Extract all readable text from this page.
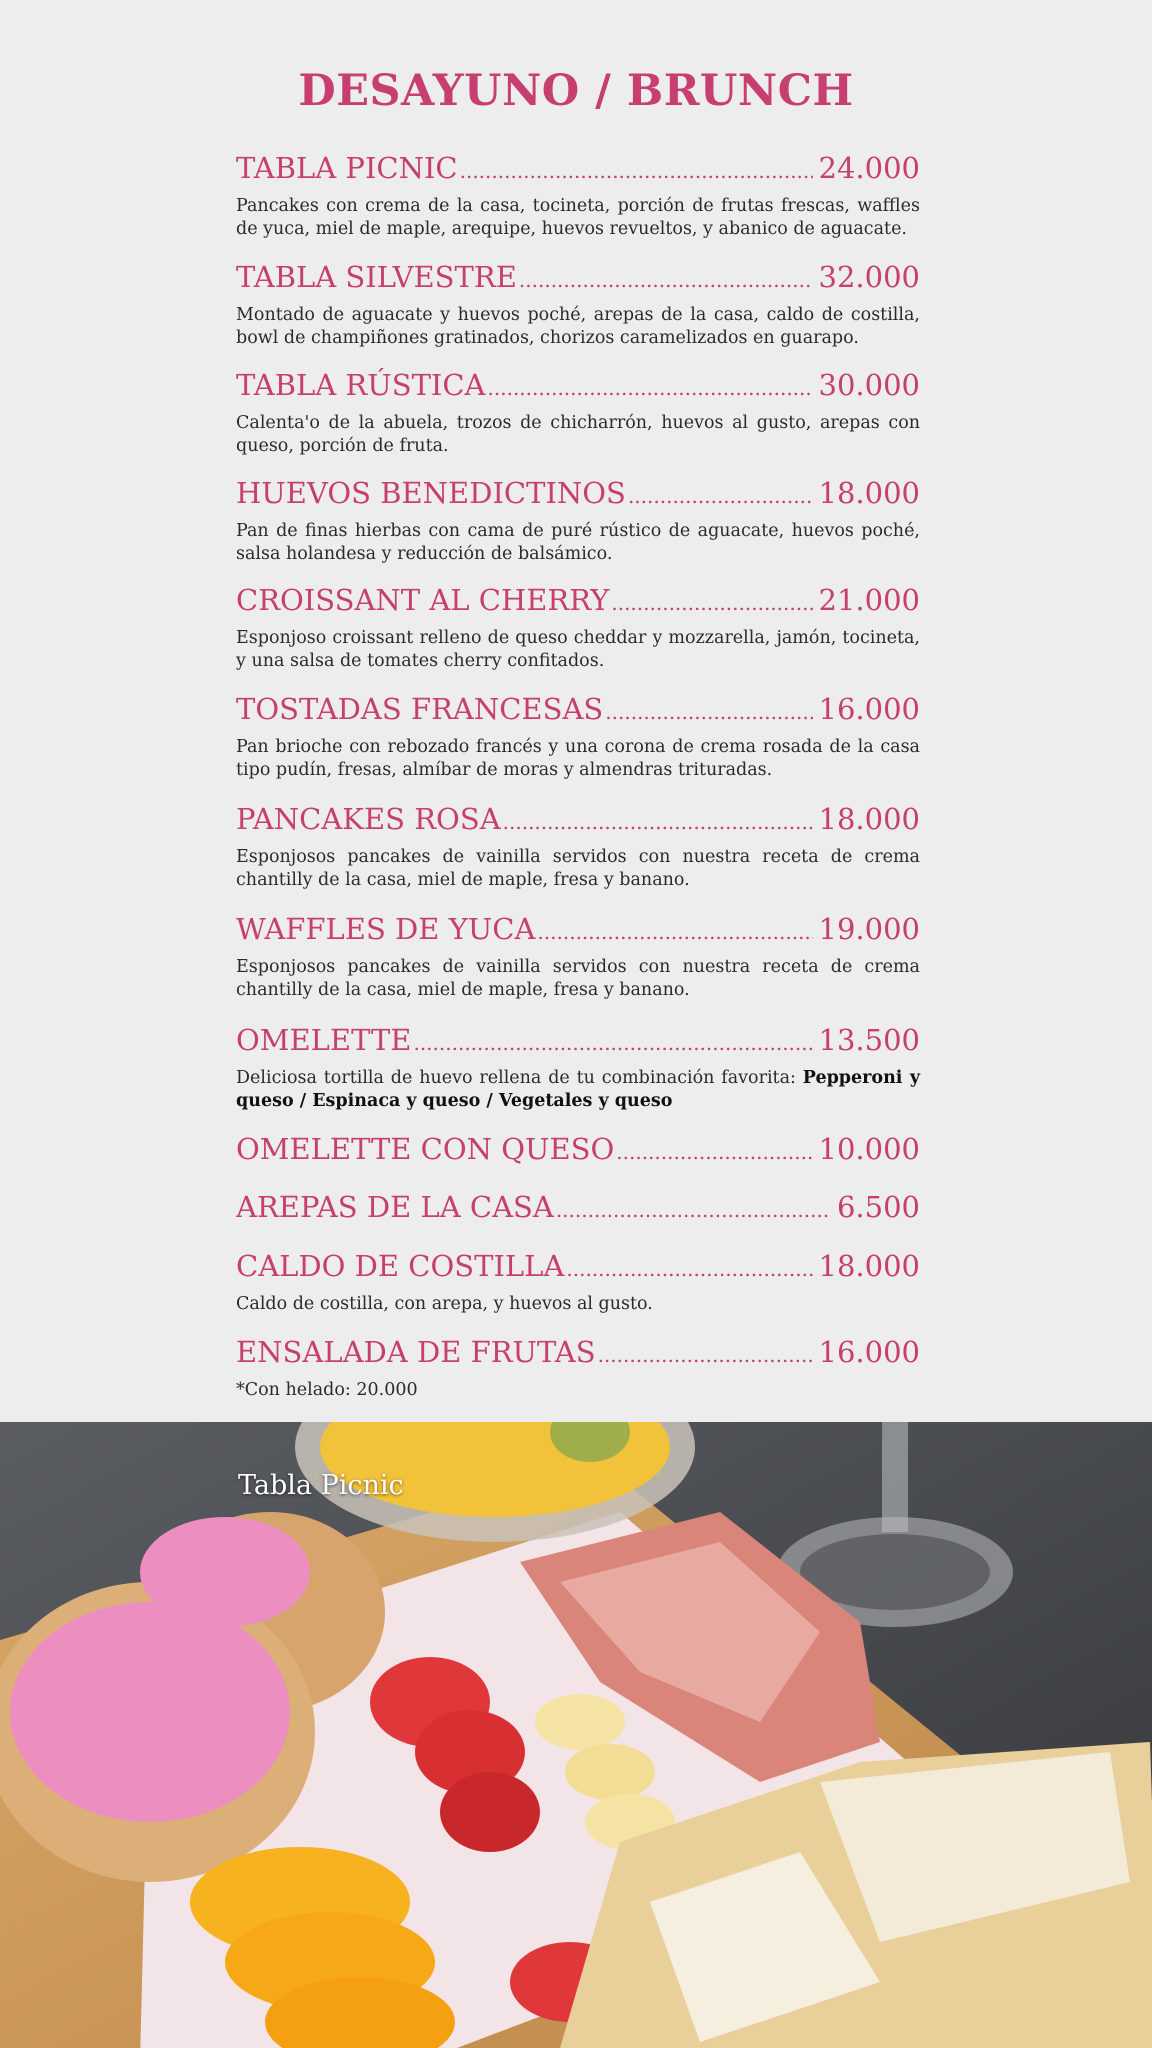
DESAYUNO / BRUNCH
TABLA PICNIC .....	24.000
Pancakes con crema de la casa, tocineta, porción de frutas frescas, waffles de yuca, miel de maple, arequipe, huevos revueltos, y abanico de aguacate.
TABLA SILVESTRE .....	32.000
Montado de aguacate y huevos poché, arepas de la casa, caldo de costilla, bowl de champiñones gratinados, chorizos caramelizados en guarapo.
TABLA RÚSTICA .....	30.000
Calenta'o de la abuela, trozos de chicharrón, huevos al gusto, arepas con queso, porción de fruta.
HUEVOS BENEDICTINOS .....	18.000
Pan de finas hierbas con cama de puré rústico de aguacate, huevos poché, salsa holandesa y reducción de balsámico.
CROISSANT AL CHERRY .....	21.000
Esponjoso croissant relleno de queso cheddar y mozzarella, jamón, tocineta, y una salsa de tomates cherry confitados.
TOSTADAS FRANCESAS .....	16.000
Pan brioche con rebozado francés y una corona de crema rosada de la casa tipo pudín, fresas, almíbar de moras y almendras trituradas.
PANCAKES ROSA .....	18.000
Esponjosos pancakes de vainilla servidos con nuestra receta de crema chantilly de la casa, miel de maple, fresa y banano.
WAFFLES DE YUCA .....	19.000
Esponjosos pancakes de vainilla servidos con nuestra receta de crema chantilly de la casa, miel de maple, fresa y banano.
OMELETTE .....	13.500
Deliciosa tortilla de huevo rellena de tu combinación favorita: Pepperoni y queso / Espinaca y queso / Vegetales y queso
OMELETTE CON QUESO .....	10.000
AREPAS DE LA CASA .....	6.500
CALDO DE COSTILLA .....	18.000
Caldo de costilla, con arepa, y huevos al gusto.
ENSALADA DE FRUTAS .....	16.000
*Con helado: 20.000
Tabla Picnic
